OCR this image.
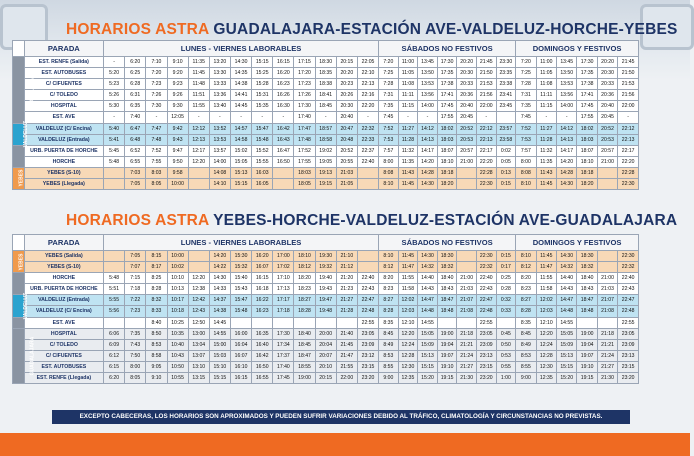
HORARIOS ASTRA GUADALAJARA-ESTACIÓN AVE-VALDELUZ-HORCHE-YEBES
	PARADA	LUNES - VIERNES LABORABLES													SÁBADOS NO FESTIVOS							DOMINGOS Y FESTIVOS					
GUADALAJARA	EST. RENFE (Salida)	-	6:20	7:10	9:10	11:35	13:20	14:30	15:15	16:15	17:15	18:30	20:15	22:05	7:20	11:00	13:45	17:30	20:20	21:45	23:30	7:20	11:00	13:45	17:30	20:20	21:45
	EST. AUTOBUSES	5:20	6:25	7:20	9:20	11:45	13:30	14:35	15:25	16:20	17:20	18:35	20:20	22:10	7:25	11:05	13:50	17:35	20:30	21:50	23:35	7:25	11:05	13:50	17:35	20:30	21:50
	C/ CIFUENTES	5:23	6:28	7:23	9:23	11:48	13:33	14:38	15:28	16:23	17:23	18:38	20:23	22:13	7:28	11:08	13:53	17:38	20:33	21:53	23:38	7:28	11:08	13:53	17:38	20:33	21:53
	C/ TOLEDO	5:26	6:31	7:26	9:26	11:51	13:36	14:41	15:31	16:26	17:26	18:41	20:26	22:16	7:31	11:11	13:56	17:41	20:36	21:56	23:41	7:31	11:11	13:56	17:41	20:36	21:56
	HOSPITAL	5:30	6:35	7:30	9:30	11:55	13:40	14:45	15:35	16:30	17:30	18:45	20:30	22:20	7:35	11:15	14:00	17:45	20:40	22:00	23:45	7:35	11:15	14:00	17:45	20:40	22:00
	EST. AVE	-	7:40	-	12:05	-	-	-	-	-	17:40	-	20:40	-	7:45	-	-	17:55	20:45	-		7:45	-	-	17:55	20:45	-
VALDELUZ	VALDELUZ (C/ Encina)	5:40	6:47	7:47	9:42	12:12	13:52	14:57	15:47	16:42	17:47	18:57	20:47	22:32	7:52	11:27	14:12	18:02	20:52	22:12	23:57	7:52	11:27	14:12	18:02	20:52	22:12
	VALDELUZ (Entrada)	5:41	6:48	7:48	9:43	12:13	13:53	14:58	15:48	16:43	17:48	18:58	20:48	22:33	7:53	11:28	14:13	18:03	20:53	22:13	23:58	7:53	11:28	14:13	18:03	20:53	22:13
	URB. PUERTA DE HORCHE	5:45	6:52	7:52	9:47	12:17	13:57	15:02	15:52	16:47	17:52	19:02	20:52	22:37	7:57	11:32	14:17	18:07	20:57	22:17	0:02	7:57	11:32	14:17	18:07	20:57	22:17
	HORCHE	5:48	6:55	7:55	9:50	12:20	14:00	15:05	15:55	16:50	17:55	19:05	20:55	22:40	8:00	11:35	14:20	18:10	21:00	22:20	0:05	8:00	11:35	14:20	18:10	21:00	22:20
YEBES	YEBES (S-10)		7:03	8:03	9:58		14:08	15:13	16:03		18:03	19:13	21:03		8:08	11:43	14:28	18:18		22:28	0:13	8:08	11:43	14:28	18:18		22:28
	YEBES (Llegada)		7:05	8:05	10:00		14:10	15:15	16:05		18:05	19:15	21:05		8:10	11:45	14:30	18:20		22:30	0:15	8:10	11:45	14:30	18:20		22:30
HORARIOS ASTRA YEBES-HORCHE-VALDELUZ-ESTACIÓN AVE-GUADALAJARA
	PARADA	LUNES - VIERNES LABORABLES													SÁBADOS NO FESTIVOS							DOMINGOS Y FESTIVOS					
YEBES	YEBES (Salida)		7:05	8:15	10:00		14:20	15:30	16:20	17:00	18:10	19:30	21:10		8:10	11:45	14:30	18:30		22:30	0:15	8:10	11:45	14:30	18:30		22:30
	YEBES (S-10)		7:07	8:17	10:02		14:22	15:32	16:07	17:02	18:12	19:32	21:12		8:12	11:47	14:32	18:32		22:32	0:17	8:12	11:47	14:32	18:32		22:32
	HORCHE	5:48	7:15	8:25	10:10	12:20	14:30	15:40	16:15	17:10	18:20	19:40	21:20	22:40	8:20	11:55	14:40	18:40	21:00	22:40	0:25	8:20	11:55	14:40	18:40	21:00	22:40
	URB. PUERTA DE HORCHE	5:51	7:18	8:28	10:13	12:38	14:33	15:43	16:18	17:13	18:23	19:43	21:23	22:43	8:23	11:58	14:43	18:43	21:03	22:43	0:28	8:23	11:58	14:43	18:43	21:03	22:43
VALDELUZ	VALDELUZ (Entrada)	5:55	7:22	8:32	10:17	12:42	14:37	15:47	16:22	17:17	18:27	19:47	21:27	22:47	8:27	12:02	14:47	18:47	21:07	22:47	0:32	8:27	12:02	14:47	18:47	21:07	22:47
	VALDELUZ (C/ Encina)	5:56	7:23	8:33	10:18	12:43	14:38	15:48	16:23	17:18	18:28	19:48	21:28	22:48	8:28	12:03	14:48	18:48	21:08	22:48	0:33	8:28	12:03	14:48	18:48	21:08	22:48
	EST. AVE			8:40	10:25	12:50	14:45							22:55	8:35	12:10	14:55			22:55		8:35	12:10	14:55			22:55
GUADALAJARA	HOSPITAL	6:06	7:35	8:50	10:35	13:00	14:55	16:00	16:35	17:30	18:40	20:00	21:40	23:05	8:45	12:20	15:05	19:00	21:18	23:05	0:45	8:45	12:20	15:05	19:00	21:18	23:05
	C/ TOLEDO	6:09	7:43	8:53	10:40	13:04	15:00	16:04	16:40	17:34	18:45	20:04	21:45	23:09	8:49	12:24	15:09	19:04	21:21	23:09	0:50	8:49	12:24	15:09	19:04	21:21	23:09
	C/ CIFUENTES	6:12	7:50	8:58	10:43	13:07	15:03	16:07	16:42	17:37	18:47	20:07	21:47	23:12	8:53	12:28	15:13	19:07	21:24	23:13	0:53	8:53	12:28	15:13	19:07	21:24	23:13
	EST. AUTOBUSES	6:15	8:00	9:05	10:50	13:10	15:10	16:10	16:50	17:40	18:55	20:10	21:55	23:15	8:55	12:30	15:15	19:10	21:27	23:15	0:55	8:55	12:30	15:15	19:10	21:27	23:15
	EST. RENFE (Llegada)	6:20	8:05	9:10	10:55	13:15	15:15	16:15	16:55	17:45	19:00	20:15	22:00	23:20	9:00	12:35	15:20	19:15	21:30	23:20	1:00	9:00	12:35	15:20	19:15	21:30	23:20
EXCEPTO CABECERAS, LOS HORARIOS SON APROXIMADOS Y PUEDEN SUFRIR VARIACIONES DEBIDO AL TRÁFICO, CLIMATOLOGÍA Y CIRCUNSTANCIAS NO PREVISTAS.
